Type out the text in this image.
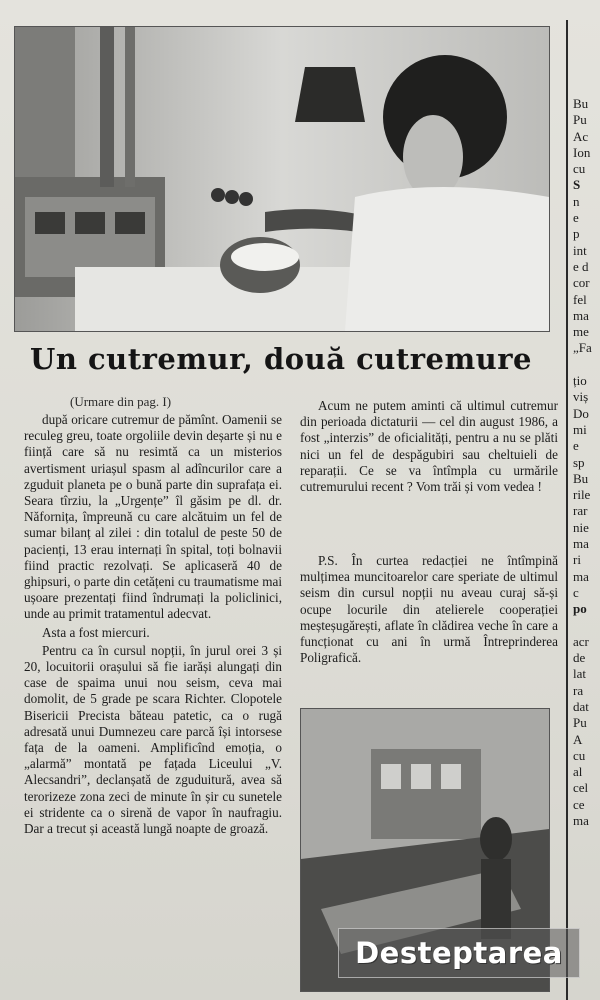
Un cutremur, două cutremure
(Urmare din pag. I)

după oricare cutremur de pămînt. Oamenii se reculeg greu, toate orgoliile devin deșarte și nu e ființă care să nu resimtă ca un misterios avertisment uriașul spasm al adîncurilor care a zguduit planeta pe o bună parte din suprafața ei. Seara tîrziu, la „Urgențe” îl găsim pe dl. dr. Năfornița, împreună cu care alcătuim un fel de sumar bilanț al zilei : din totalul de peste 50 de pacienți, 13 erau internați în spital, toți bolnavii fiind practic rezolvați. Se aplicaseră 40 de ghipsuri, o parte din cetățeni cu traumatisme mai ușoare prezentați fiind îndrumați la policlinici, unde au primit tratamentul adecvat.

Asta a fost miercuri.

Pentru ca în cursul nopții, în jurul orei 3 și 20, locuitorii orașului să fie iarăși alungați din case de spaima unui nou seism, ceva mai domolit, de 5 grade pe scara Richter. Clopotele Bisericii Precista băteau patetic, ca o rugă adresată unui Dumnezeu care parcă își intorsese fața de la oameni. Amplificînd emoția, o „alarmă” montată pe fațada Liceului „V. Alecsandri”, declanșată de zguduitură, avea să terorizeze zona zeci de minute în șir cu sunetele ei stridente ca o sirenă de vapor în naufragiu. Dar a trecut și această lungă noapte de groază.

Acum ne putem aminti că ultimul cutremur din perioada dictaturii — cel din august 1986, a fost „interzis” de oficialități, pentru a nu se plăti nici un fel de despăgubiri sau cheltuieli de reparații. Ce se va întîmpla cu urmările cutremurului recent ? Vom trăi și vom vedea !

P.S. În curtea redacției ne întîmpină mulțimea muncitoarelor care speriate de ultimul seism din cursul nopții nu aveau curaj să-și ocupe locurile din atelierele cooperației meșteșugărești, aflate în clădirea veche în care a funcționat cu ani în urmă Întreprinderea Poligrafică.

Bu
Pu
Ac
Ion
cu
S
n
e
p
int
e d
cor
fel
ma
me
„Fa
țio
viș
Do
mi
e
sp
Bu
rile
rar
nie
ma
ri
ma
c
po
acr
de
lat
ra
dat
Pu
A
cu
al
cel
ce
ma
Desteptarea
